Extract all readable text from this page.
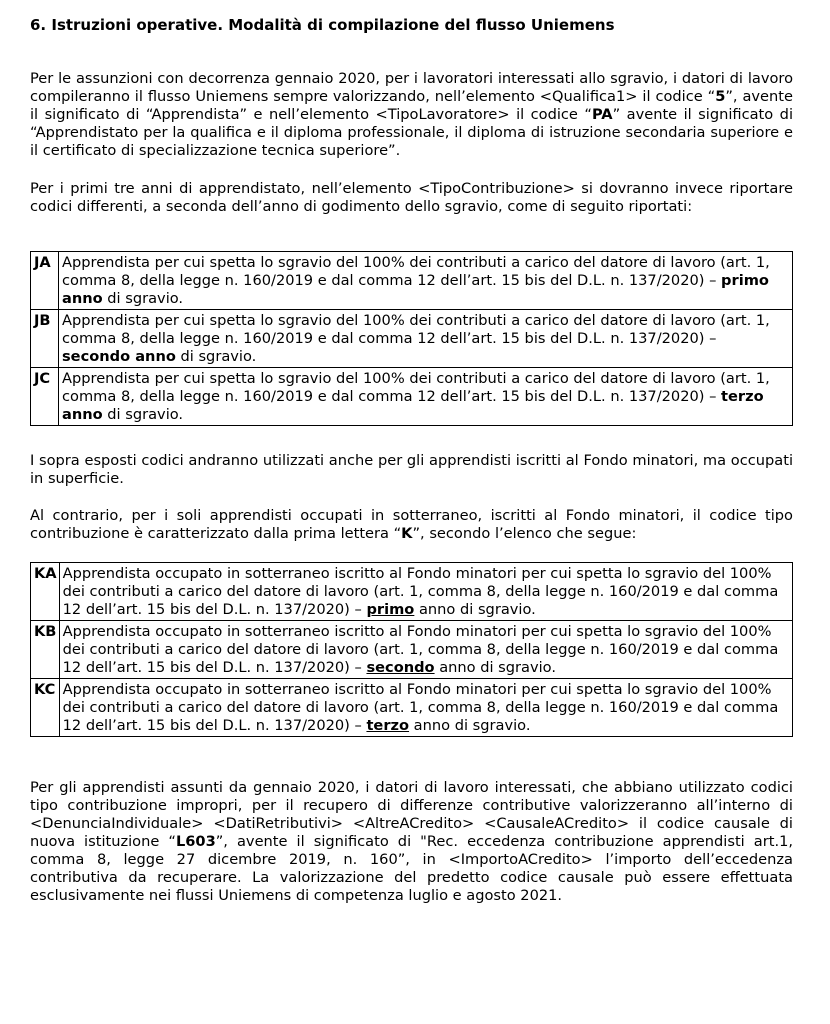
6. Istruzioni operative. Modalità di compilazione del flusso Uniemens

Per le assunzioni con decorrenza gennaio 2020, per i lavoratori interessati allo sgravio, i datori di lavoro compileranno il flusso Uniemens sempre valorizzando, nell’elemento <Qualifica1> il codice “5”, avente il significato di “Apprendista” e nell’elemento <TipoLavoratore> il codice “PA” avente il significato di “Apprendistato per la qualifica e il diploma professionale, il diploma di istruzione secondaria superiore e il certificato di specializzazione tecnica superiore”.

Per i primi tre anni di apprendistato, nell’elemento <TipoContribuzione> si dovranno invece riportare codici differenti, a seconda dell’anno di godimento dello sgravio, come di seguito riportati:

JA	Apprendista per cui spetta lo sgravio del 100% dei contributi a carico del datore di lavoro (art. 1, comma 8, della legge n. 160/2019 e dal comma 12 dell’art. 15 bis del D.L. n. 137/2020) – primo anno di sgravio.
JB	Apprendista per cui spetta lo sgravio del 100% dei contributi a carico del datore di lavoro (art. 1, comma 8, della legge n. 160/2019 e dal comma 12 dell’art. 15 bis del D.L. n. 137/2020) – secondo anno di sgravio.
JC	Apprendista per cui spetta lo sgravio del 100% dei contributi a carico del datore di lavoro (art. 1, comma 8, della legge n. 160/2019 e dal comma 12 dell’art. 15 bis del D.L. n. 137/2020) – terzo anno di sgravio.

I sopra esposti codici andranno utilizzati anche per gli apprendisti iscritti al Fondo minatori, ma occupati in superficie.

Al contrario, per i soli apprendisti occupati in sotterraneo, iscritti al Fondo minatori, il codice tipo contribuzione è caratterizzato dalla prima lettera “K”, secondo l’elenco che segue:

KA	Apprendista occupato in sotterraneo iscritto al Fondo minatori per cui spetta lo sgravio del 100% dei contributi a carico del datore di lavoro (art. 1, comma 8, della legge n. 160/2019 e dal comma 12 dell’art. 15 bis del D.L. n. 137/2020) – primo anno di sgravio.
KB	Apprendista occupato in sotterraneo iscritto al Fondo minatori per cui spetta lo sgravio del 100% dei contributi a carico del datore di lavoro (art. 1, comma 8, della legge n. 160/2019 e dal comma 12 dell’art. 15 bis del D.L. n. 137/2020) – secondo anno di sgravio.
KC	Apprendista occupato in sotterraneo iscritto al Fondo minatori per cui spetta lo sgravio del 100% dei contributi a carico del datore di lavoro (art. 1, comma 8, della legge n. 160/2019 e dal comma 12 dell’art. 15 bis del D.L. n. 137/2020) – terzo anno di sgravio.

Per gli apprendisti assunti da gennaio 2020, i datori di lavoro interessati, che abbiano utilizzato codici tipo contribuzione impropri, per il recupero di differenze contributive valorizzeranno all’interno di <DenunciaIndividuale> <DatiRetributivi> <AltreACredito> <CausaleACredito> il codice causale di nuova istituzione “L603”, avente il significato di "Rec. eccedenza contribuzione apprendisti art.1, comma 8, legge 27 dicembre 2019, n. 160”, in <ImportoACredito> l’importo dell’eccedenza contributiva da recuperare. La valorizzazione del predetto codice causale può essere effettuata esclusivamente nei flussi Uniemens di competenza luglio e agosto 2021.
